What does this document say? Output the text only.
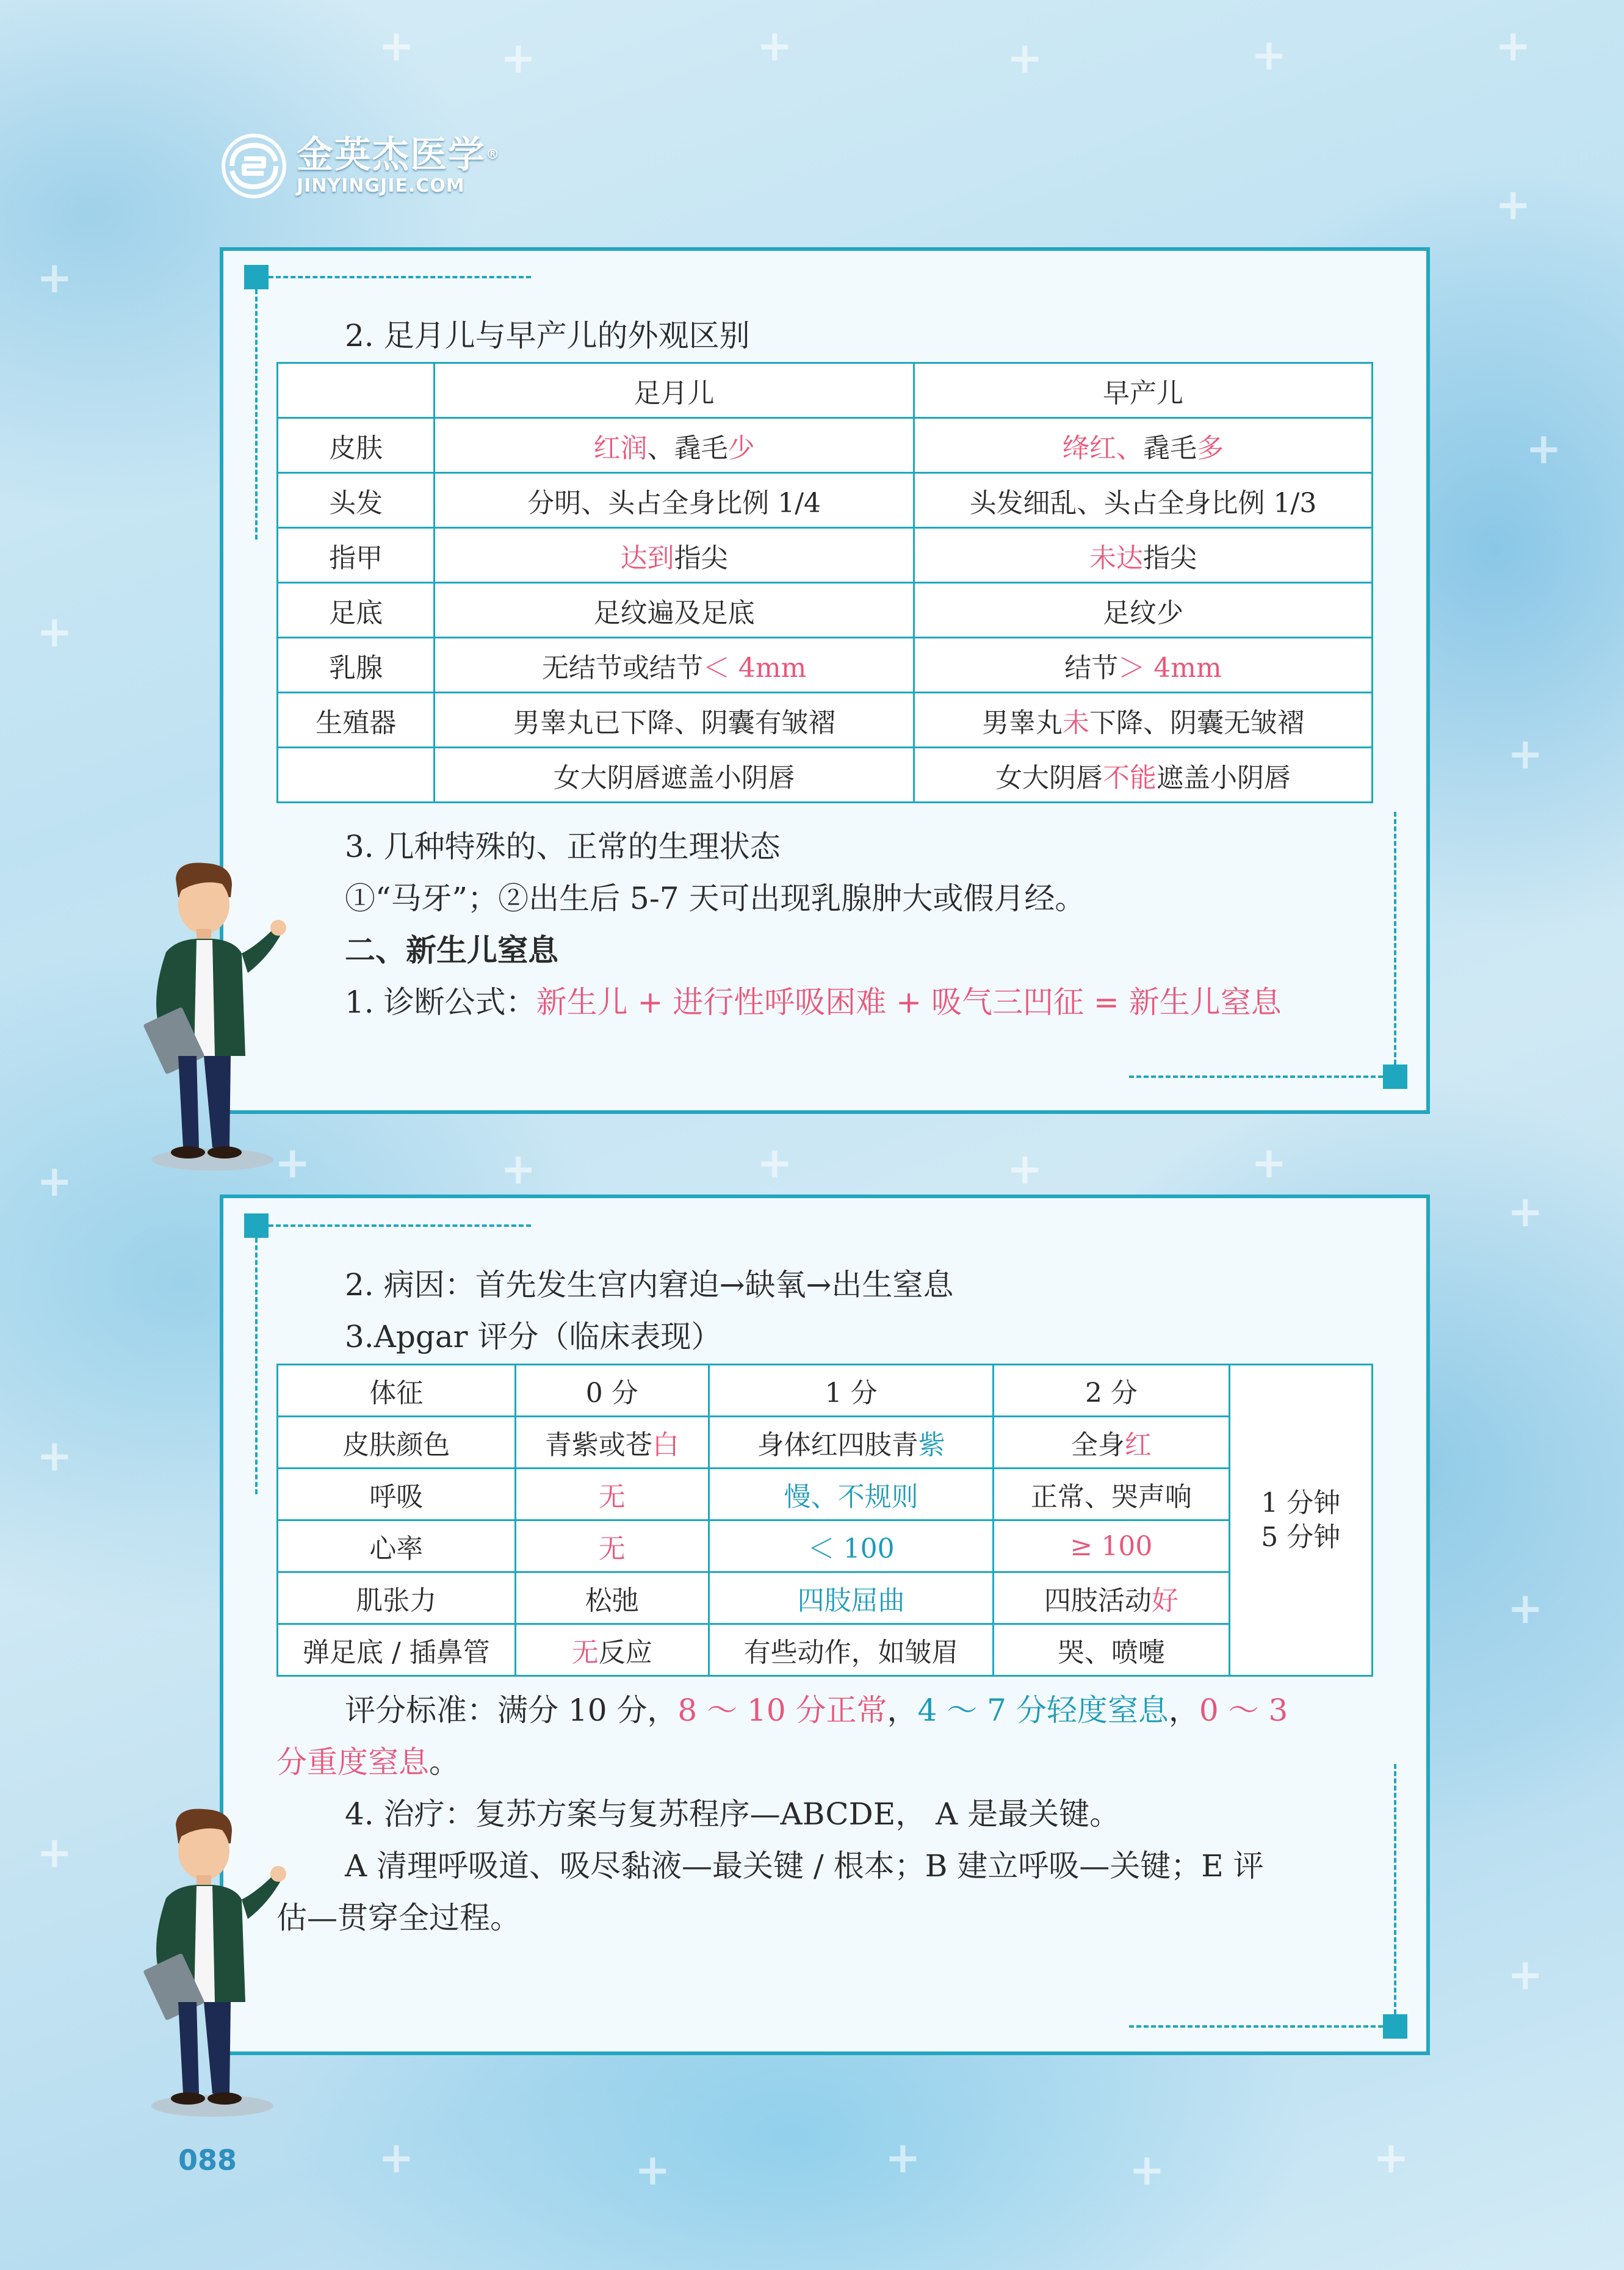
+ +	+	+	+	+
+
+
+
+
+
+	+	+	+	+	+
+
+
+
+
+
+	+	+	+	+
金英杰医学®
JINYINGJIE.COM
2. 足月儿与早产儿的外观区别
	足月儿	早产儿
皮肤	红润、毳毛少	绛红、毳毛多
头发	分明、头占全身比例 1/4	头发细乱、头占全身比例 1/3
指甲	达到指尖	未达指尖
足底	足纹遍及足底	足纹少
乳腺	无结节或结节＜ 4mm	结节＞ 4mm
生殖器	男睾丸已下降、阴囊有皱褶	男睾丸未下降、阴囊无皱褶
	女大阴唇遮盖小阴唇	女大阴唇不能遮盖小阴唇
3. 几种特殊的、正常的生理状态
①“马牙”；②出生后 5-7 天可出现乳腺肿大或假月经。
二、新生儿窒息
1. 诊断公式：新生儿 + 进行性呼吸困难 + 吸气三凹征 = 新生儿窒息
2. 病因：首先发生宫内窘迫→缺氧→出生窒息
3.Apgar 评分（临床表现）
体征	0 分	1 分	2 分	1 分钟
5 分钟

皮肤颜色	青紫或苍白	身体红四肢青紫	全身红	
呼吸	无	慢、不规则	正常、哭声响	
心率	无	＜ 100	≥ 100	
肌张力	松弛	四肢屈曲	四肢活动好	
弹足底 / 插鼻管	无反应	有些动作，如皱眉	哭、喷嚏	
评分标准：满分 10 分，8 ～ 10 分正常，4 ～ 7 分轻度窒息，0 ～ 3
分重度窒息。
4. 治疗：复苏方案与复苏程序—ABCDE， A 是最关键。
A 清理呼吸道、吸尽黏液—最关键 / 根本；B 建立呼吸—关键；E 评
估—贯穿全过程。
088
